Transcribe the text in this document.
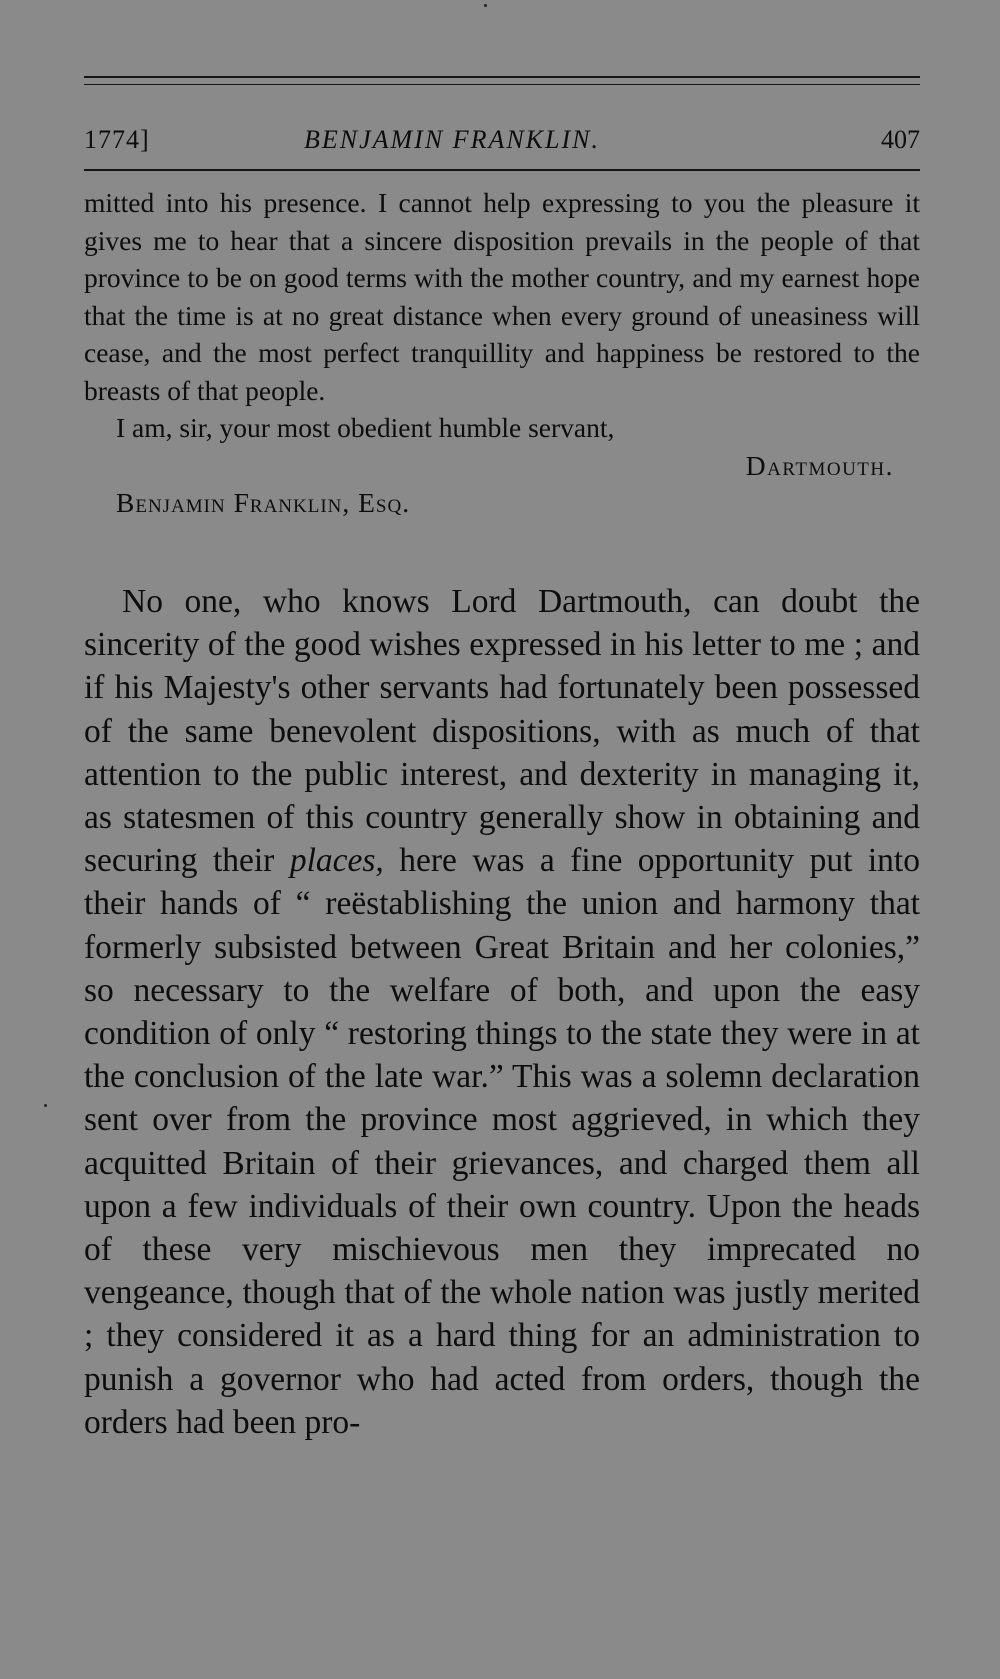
1774]	BENJAMIN FRANKLIN.	407

mitted into his presence. I cannot help expressing to you the pleasure it gives me to hear that a sincere disposition prevails in the people of that province to be on good terms with the mother country, and my earnest hope that the time is at no great distance when every ground of uneasiness will cease, and the most perfect tranquillity and happiness be restored to the breasts of that people.

I am, sir, your most obedient humble servant,

Dartmouth.

Benjamin Franklin, Esq.

No one, who knows Lord Dartmouth, can doubt the sincerity of the good wishes expressed in his letter to me ; and if his Majesty's other servants had fortunately been possessed of the same benevolent dispositions, with as much of that attention to the public interest, and dexterity in managing it, as statesmen of this country generally show in obtaining and securing their places, here was a fine opportunity put into their hands of “ reëstablishing the union and harmony that formerly subsisted between Great Britain and her colonies,” so necessary to the welfare of both, and upon the easy condition of only “ restoring things to the state they were in at the conclusion of the late war.” This was a solemn declaration sent over from the province most aggrieved, in which they acquitted Britain of their grievances, and charged them all upon a few individuals of their own country. Upon the heads of these very mischievous men they imprecated no vengeance, though that of the whole nation was justly merited ; they considered it as a hard thing for an administration to punish a governor who had acted from orders, though the orders had been pro-
